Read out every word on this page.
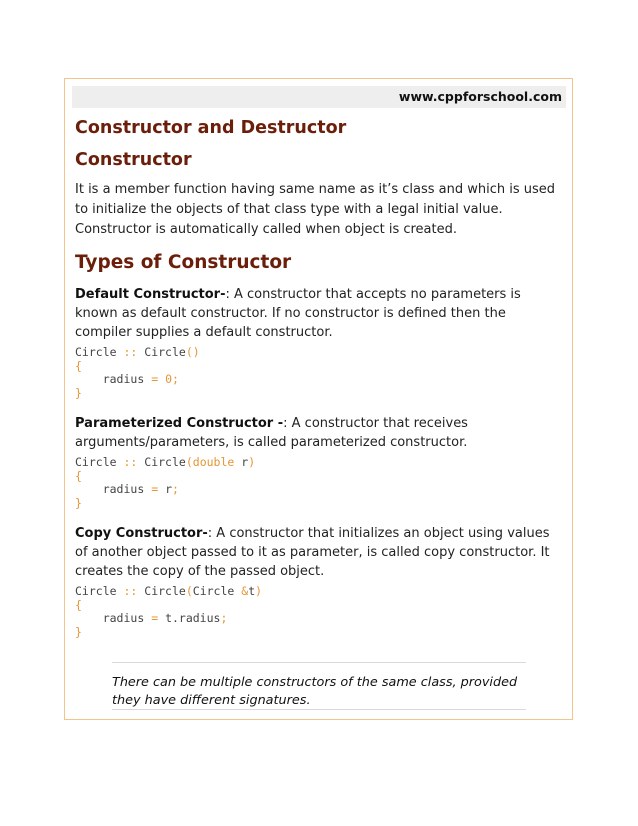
www.cppforschool.com
Constructor and Destructor
Constructor

It is a member function having same name as it’s class and which is used to initialize the objects of that class type with a legal initial value. Constructor is automatically called when object is created.

Types of Constructor

Default Constructor-: A constructor that accepts no parameters is known as default constructor. If no constructor is defined then the compiler supplies a default constructor.

Circle :: Circle()
{
radius = 0;
}

Parameterized Constructor -: A constructor that receives arguments/parameters, is called parameterized constructor.

Circle :: Circle(double r)
{
radius = r;
}

Copy Constructor-: A constructor that initializes an object using values of another object passed to it as parameter, is called copy constructor. It creates the copy of the passed object.

Circle :: Circle(Circle &t)
{
radius = t.radius;
}
There can be multiple constructors of the same class, provided they have different signatures.
